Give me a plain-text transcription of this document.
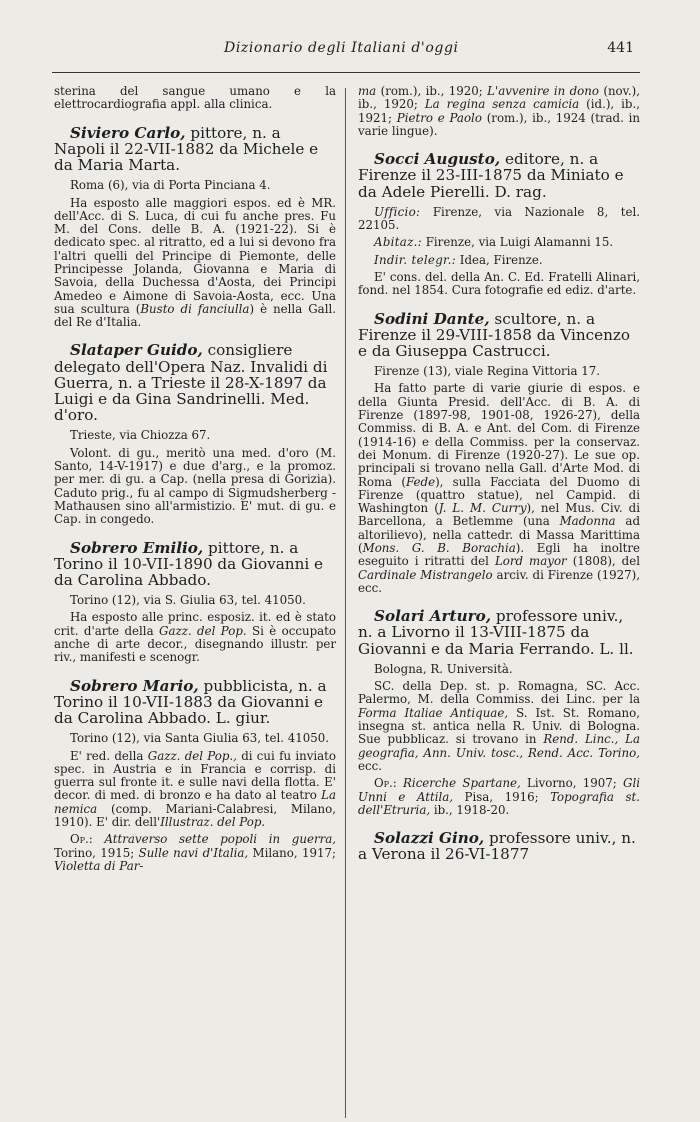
Dizionario degli Italiani d'oggi	441

sterina del sangue umano e la elettrocardiografia appl. alla clinica.

Siviero Carlo, pittore, n. a Napoli il 22-VII-1882 da Michele e da Maria Marta.

Roma (6), via di Porta Pinciana 4.

Ha esposto alle maggiori espos. ed è MR. dell'Acc. di S. Luca, di cui fu anche pres. Fu M. del Cons. delle B. A. (1921-22). Si è dedicato spec. al ritratto, ed a lui si devono fra l'altri quelli del Principe di Piemonte, delle Principesse Jolanda, Giovanna e Maria di Savoia, della Duchessa d'Aosta, dei Principi Amedeo e Aimone di Savoia-Aosta, ecc. Una sua scultura (Busto di fanciulla) è nella Gall. del Re d'Italia.

Slataper Guido, consigliere delegato dell'Opera Naz. Invalidi di Guerra, n. a Trieste il 28-X-1897 da Luigi e da Gina Sandrinelli. Med. d'oro.

Trieste, via Chiozza 67.

Volont. di gu., meritò una med. d'oro (M. Santo, 14-V-1917) e due d'arg., e la promoz. per mer. di gu. a Cap. (nella presa di Gorizia). Caduto prig., fu al campo di Sigmudsherberg - Mathausen sino all'armistizio. E' mut. di gu. e Cap. in congedo.

Sobrero Emilio, pittore, n. a Torino il 10-VII-1890 da Giovanni e da Carolina Abbado.

Torino (12), via S. Giulia 63, tel. 41050.

Ha esposto alle princ. esposiz. it. ed è stato crit. d'arte della Gazz. del Pop. Si è occupato anche di arte decor., disegnando illustr. per riv., manifesti e scenogr.

Sobrero Mario, pubblicista, n. a Torino il 10-VII-1883 da Giovanni e da Carolina Abbado. L. giur.

Torino (12), via Santa Giulia 63, tel. 41050.

E' red. della Gazz. del Pop., di cui fu inviato spec. in Austria e in Francia e corrisp. di guerra sul fronte it. e sulle navi della flotta. E' decor. di med. di bronzo e ha dato al teatro La nemica (comp. Mariani-Calabresi, Milano, 1910). E' dir. dell'Illustraz. del Pop.

Op.: Attraverso sette popoli in guerra, Torino, 1915; Sulle navi d'Italia, Milano, 1917; Violetta di Par-

ma (rom.), ib., 1920; L'avvenire in dono (nov.), ib., 1920; La regina senza camicia (id.), ib., 1921; Pietro e Paolo (rom.), ib., 1924 (trad. in varie lingue).

Socci Augusto, editore, n. a Firenze il 23-III-1875 da Miniato e da Adele Pierelli. D. rag.

Ufficio: Firenze, via Nazionale 8, tel. 22105.

Abitaz.: Firenze, via Luigi Alamanni 15.

Indir. telegr.: Idea, Firenze.

E' cons. del. della An. C. Ed. Fratelli Alinari, fond. nel 1854. Cura fotografie ed ediz. d'arte.

Sodini Dante, scultore, n. a Firenze il 29-VIII-1858 da Vincenzo e da Giuseppa Castrucci.

Firenze (13), viale Regina Vittoria 17.

Ha fatto parte di varie giurie di espos. e della Giunta Presid. dell'Acc. di B. A. di Firenze (1897-98, 1901-08, 1926-27), della Commiss. di B. A. e Ant. del Com. di Firenze (1914-16) e della Commiss. per la conservaz. dei Monum. di Firenze (1920-27). Le sue op. principali si trovano nella Gall. d'Arte Mod. di Roma (Fede), sulla Facciata del Duomo di Firenze (quattro statue), nel Campid. di Washington (J. L. M. Curry), nel Mus. Civ. di Barcellona, a Betlemme (una Madonna ad altorilievo), nella cattedr. di Massa Marittima (Mons. G. B. Borachia). Egli ha inoltre eseguito i ritratti del Lord mayor (1808), del Cardinale Mistrangelo arciv. di Firenze (1927), ecc.

Solari Arturo, professore univ., n. a Livorno il 13-VIII-1875 da Giovanni e da Maria Ferrando. L. ll.

Bologna, R. Università.

SC. della Dep. st. p. Romagna, SC. Acc. Palermo, M. della Commiss. dei Linc. per la Forma Italiae Antiquae, S. Ist. St. Romano, insegna st. antica nella R. Univ. di Bologna. Sue pubblicaz. si trovano in Rend. Linc., La geografia, Ann. Univ. tosc., Rend. Acc. Torino, ecc.

Op.: Ricerche Spartane, Livorno, 1907; Gli Unni e Attila, Pisa, 1916; Topografia st. dell'Etruria, ib., 1918-20.

Solazzi Gino, professore univ., n. a Verona il 26-VI-1877
